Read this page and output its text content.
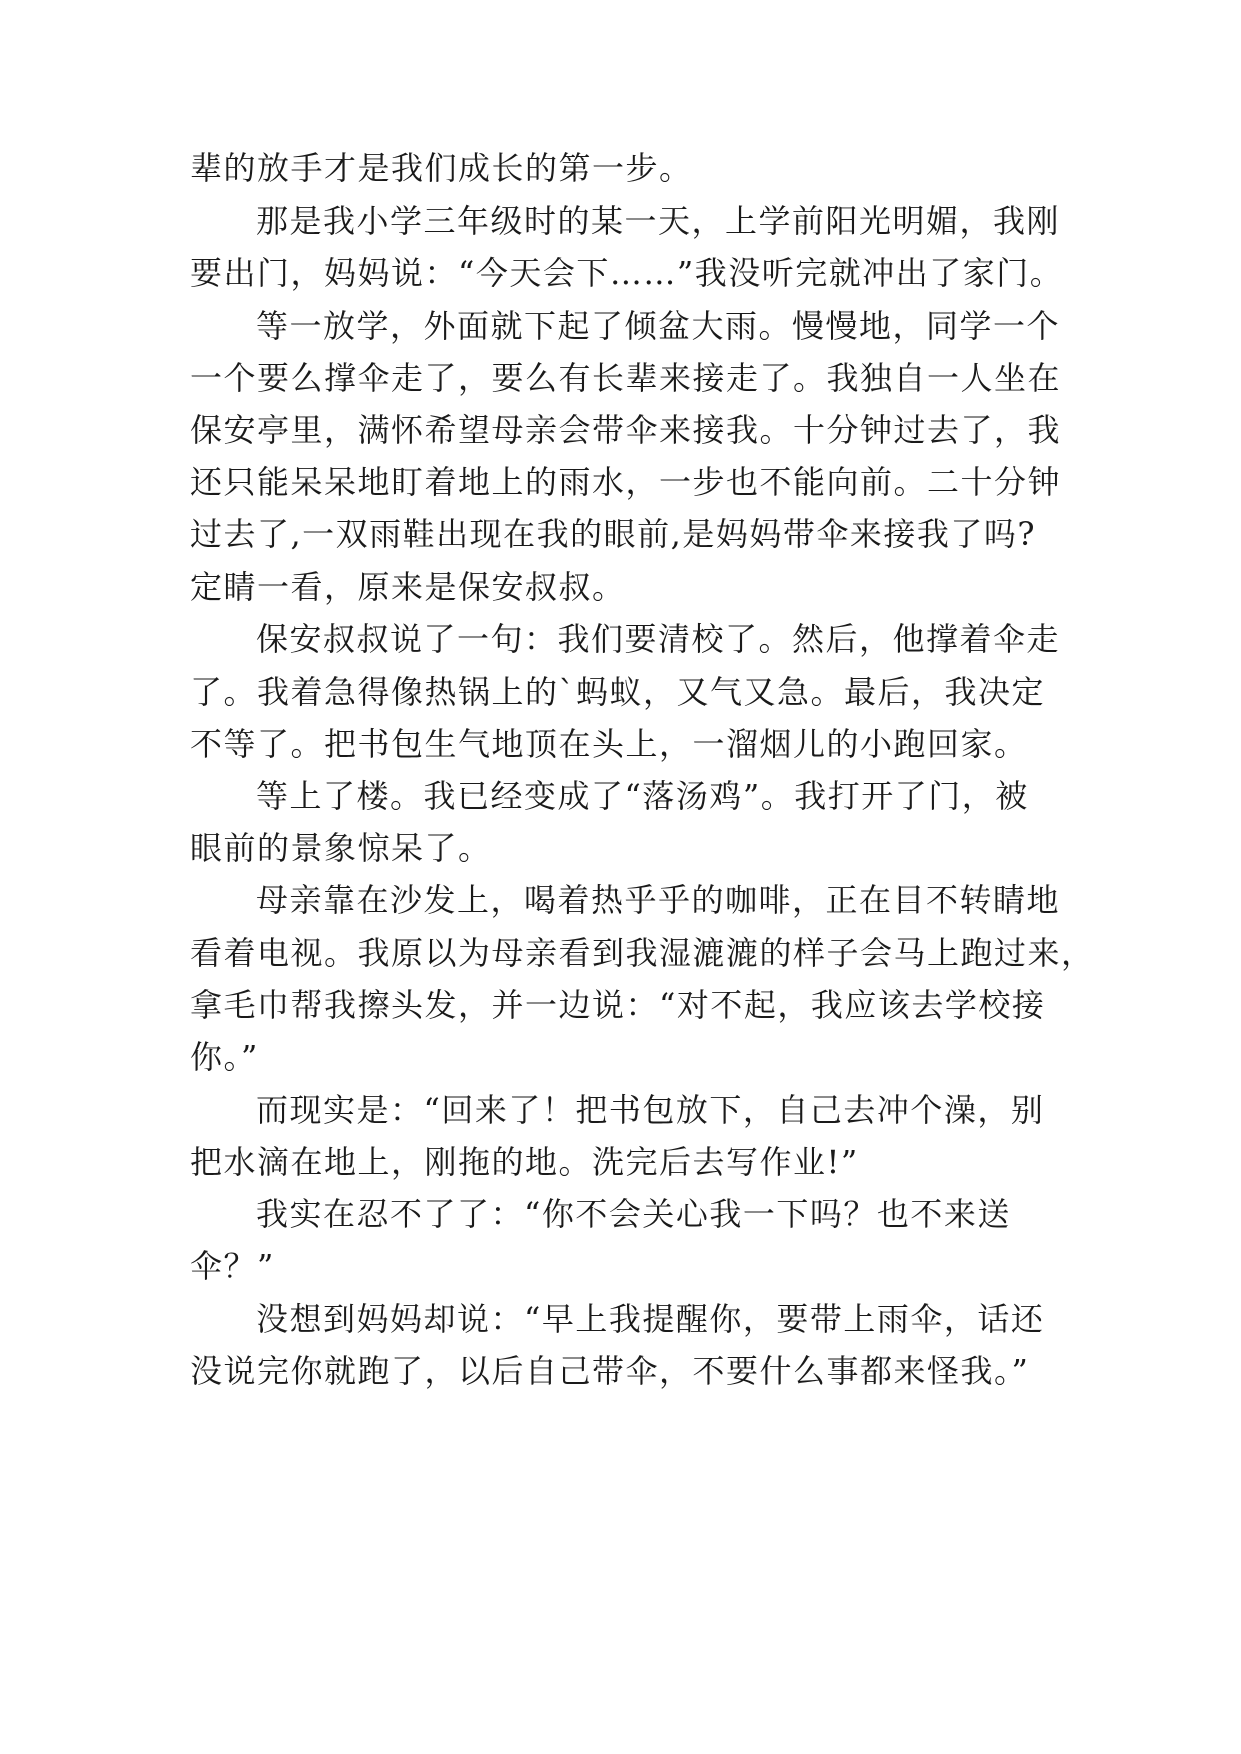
辈的放手才是我们成长的第一步。
那是我小学三年级时的某一天，上学前阳光明媚，我刚
要出门，妈妈说：“今天会下……”我没听完就冲出了家门。
等一放学，外面就下起了倾盆大雨。慢慢地，同学一个
一个要么撑伞走了，要么有长辈来接走了。我独自一人坐在
保安亭里，满怀希望母亲会带伞来接我。十分钟过去了，我
还只能呆呆地盯着地上的雨水，一步也不能向前。二十分钟
过去了,一双雨鞋出现在我的眼前,是妈妈带伞来接我了吗?
定睛一看，原来是保安叔叔。
保安叔叔说了一句：我们要清校了。然后，他撑着伞走
了。我着急得像热锅上的`蚂蚁，又气又急。最后，我决定
不等了。把书包生气地顶在头上，一溜烟儿的小跑回家。
等上了楼。我已经变成了“落汤鸡”。我打开了门，被
眼前的景象惊呆了。
母亲靠在沙发上，喝着热乎乎的咖啡，正在目不转睛地
看着电视。我原以为母亲看到我湿漉漉的样子会马上跑过来，
拿毛巾帮我擦头发，并一边说：“对不起，我应该去学校接
你。”
而现实是：“回来了！把书包放下，自己去冲个澡，别
把水滴在地上，刚拖的地。洗完后去写作业!”
我实在忍不了了：“你不会关心我一下吗？也不来送
伞？”
没想到妈妈却说：“早上我提醒你，要带上雨伞，话还
没说完你就跑了，以后自己带伞，不要什么事都来怪我。”
